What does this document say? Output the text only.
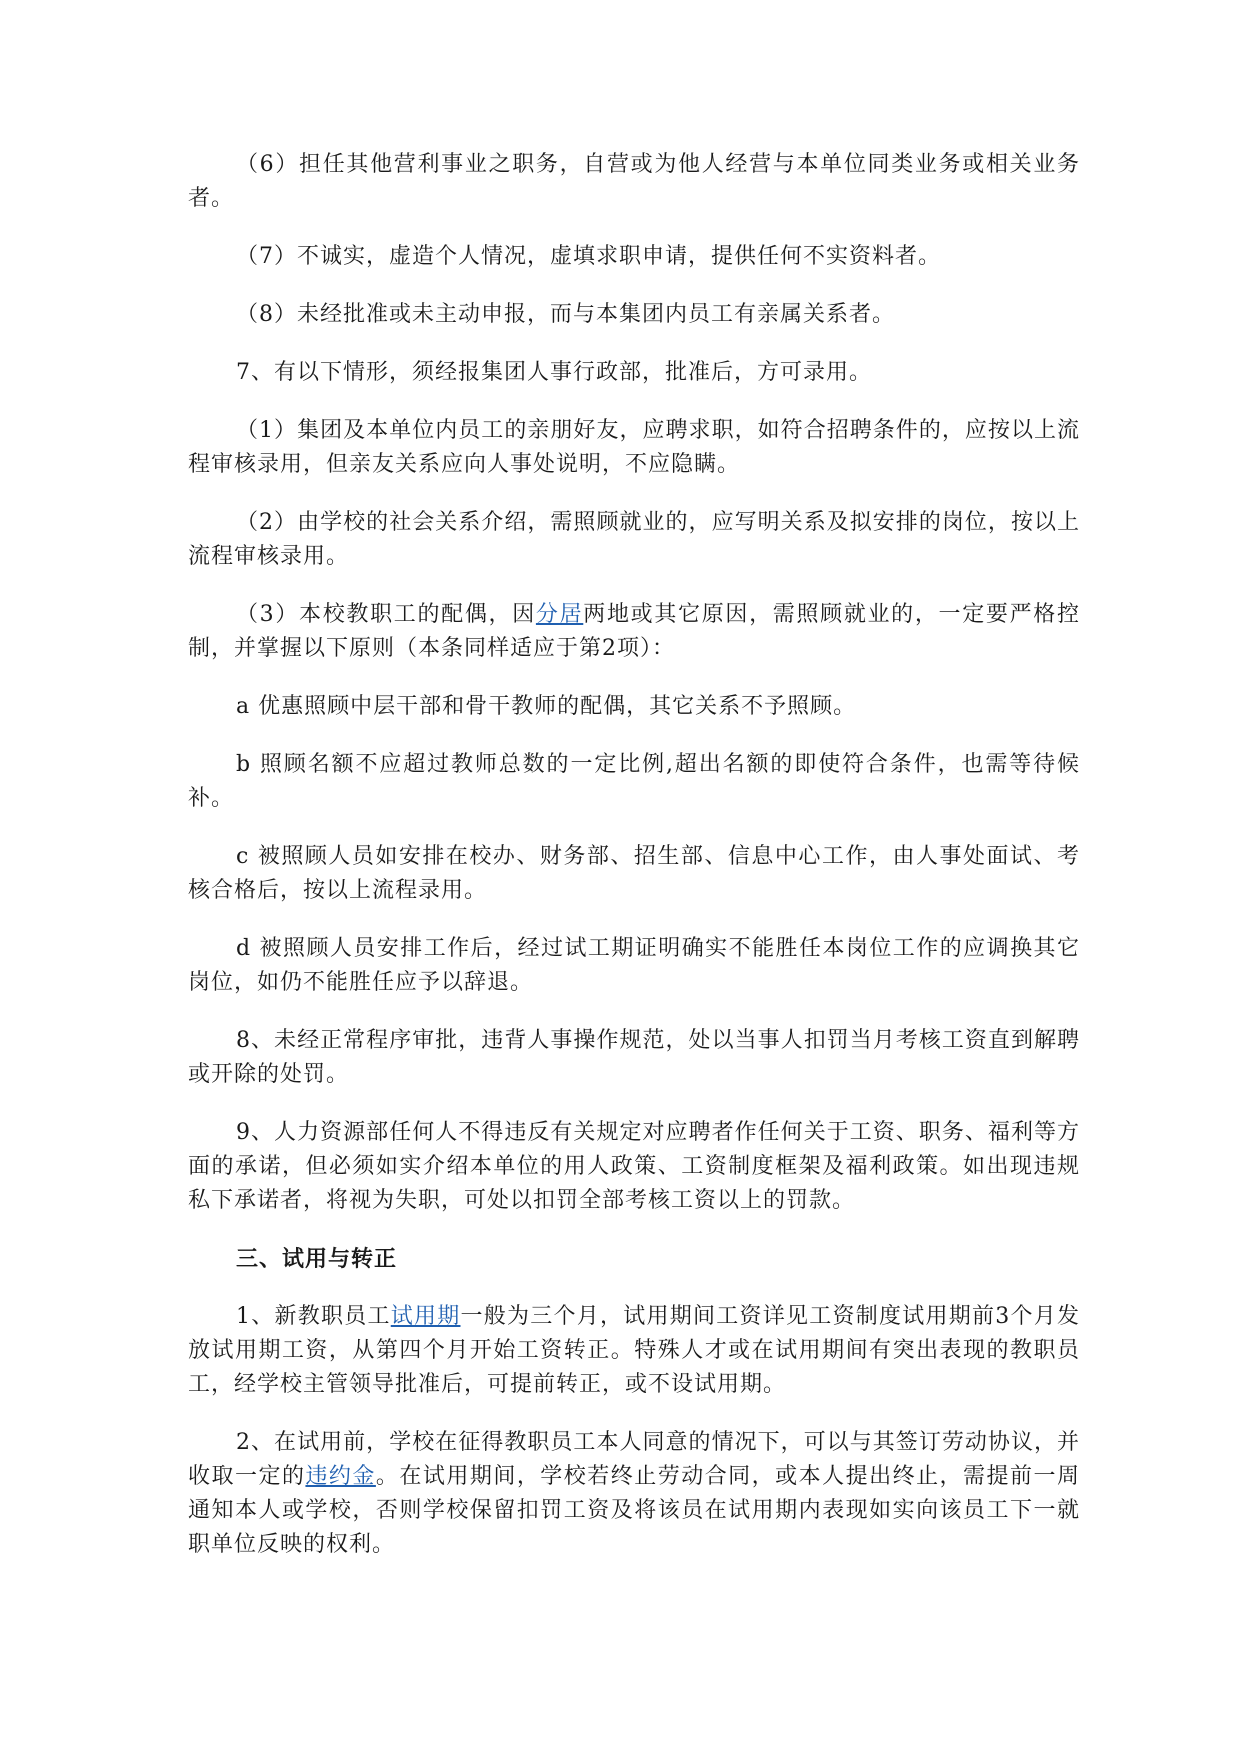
（6）担任其他营利事业之职务，自营或为他人经营与本单位同类业务或相关业务者。

（7）不诚实，虚造个人情况，虚填求职申请，提供任何不实资料者。

（8）未经批准或未主动申报，而与本集团内员工有亲属关系者。

7、有以下情形，须经报集团人事行政部，批准后，方可录用。

（1）集团及本单位内员工的亲朋好友，应聘求职，如符合招聘条件的，应按以上流程审核录用，但亲友关系应向人事处说明，不应隐瞒。

（2）由学校的社会关系介绍，需照顾就业的，应写明关系及拟安排的岗位，按以上流程审核录用。

（3）本校教职工的配偶，因分居两地或其它原因，需照顾就业的，一定要严格控制，并掌握以下原则（本条同样适应于第2项）：

a 优惠照顾中层干部和骨干教师的配偶，其它关系不予照顾。

b 照顾名额不应超过教师总数的一定比例,超出名额的即使符合条件，也需等待候补。

c 被照顾人员如安排在校办、财务部、招生部、信息中心工作，由人事处面试、考核合格后，按以上流程录用。

d 被照顾人员安排工作后，经过试工期证明确实不能胜任本岗位工作的应调换其它岗位，如仍不能胜任应予以辞退。

8、未经正常程序审批，违背人事操作规范，处以当事人扣罚当月考核工资直到解聘或开除的处罚。

9、人力资源部任何人不得违反有关规定对应聘者作任何关于工资、职务、福利等方面的承诺，但必须如实介绍本单位的用人政策、工资制度框架及福利政策。如出现违规私下承诺者，将视为失职，可处以扣罚全部考核工资以上的罚款。

三、试用与转正

1、新教职员工试用期一般为三个月，试用期间工资详见工资制度试用期前3个月发放试用期工资，从第四个月开始工资转正。特殊人才或在试用期间有突出表现的教职员工，经学校主管领导批准后，可提前转正，或不设试用期。

2、在试用前，学校在征得教职员工本人同意的情况下，可以与其签订劳动协议，并收取一定的违约金。在试用期间，学校若终止劳动合同，或本人提出终止，需提前一周通知本人或学校，否则学校保留扣罚工资及将该员在试用期内表现如实向该员工下一就职单位反映的权利。
